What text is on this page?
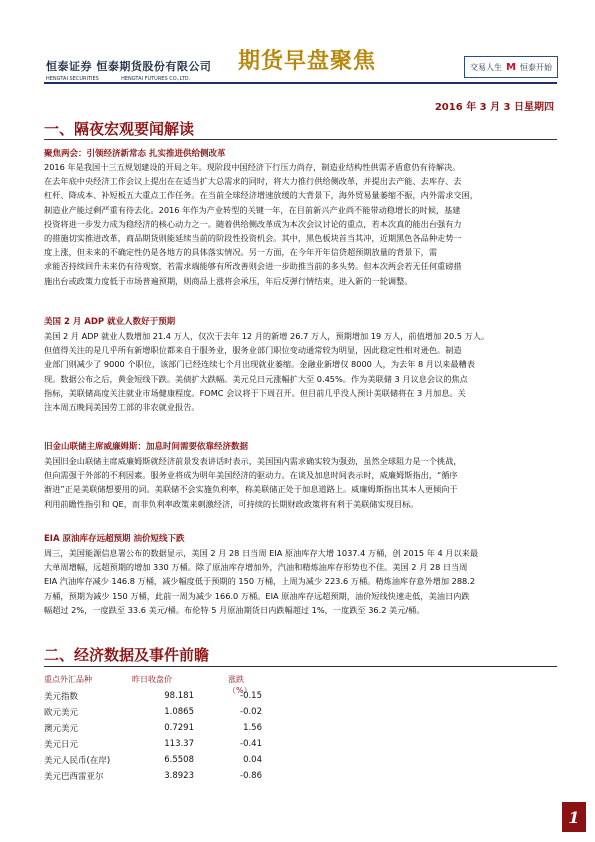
恒泰证券 恒泰期货股份有限公司
HENGTAI SECURITIES	HENGTAI FUTURES CO.,LTD.
期货早盘聚焦	交易人生 M 恒泰开始
2016 年 3 月 3 日星期四
一、隔夜宏观要闻解读
聚焦两会：引领经济新常态 扎实推进供给侧改革
2016 年是我国十三五规划建设的开局之年。现阶段中国经济下行压力尚存，制造业结构性供需矛盾愈仍有待解决。
在去年底中央经济工作会议上提出在在适当扩大总需求的同时，将大力推行供给侧改革，并提出去产能、去库存、去
杠杆、降成本、补短板五大重点工作任务。在当前全球经济增速放缓的大背景下，海外贸易量萎缩不振，内外需求交困，
制造业产能过剩严重有待去化。2016 年作为产业转型的关键一年，在目前新兴产业尚不能带动稳增长的时候，基建
投资将进一步发力成为稳经济的核心动力之一。随着供给侧改革成为本次会议讨论的重点，若本次真的能出台强有力
的措施切实推进改革，商品期货则能延续当前的阶段性投资机会。其中，黑色板块首当其冲，近期黑色各品种走势一
度上涨，但未来的不确定性仍是各地方的具体落实情况。另一方面，在今年开年信贷超预期放量的背景下，需
求能否持续回升未来仍有待观察，若需求端能够有所改善则会进一步助推当前的多头势。但本次两会若无任何重磅措
施出台或政策力度低于市场普遍预期，则商品上涨将会承压，年后反弹行情结束，进入新的一轮调整。
美国 2 月 ADP 就业人数好于预期
美国 2 月 ADP 就业人数增加 21.4 万人，仅次于去年 12 月的新增 26.7 万人，预期增加 19 万人，前值增加 20.5 万人。
但值得关注的是几乎所有新增职位都来自于服务业，服务业部门职位变动通常较为明显，因此稳定性相对逊色。制造
业部门则减少了 9000 个职位，该部门已经连续七个月出现就业萎缩。金融业新增仅 8000 人，为去年 8 月以来最糟表
现。数据公布之后，黄金短线下跌。美债扩大跌幅。美元兑日元涨幅扩大至 0.45%。作为美联储 3 月议息会议的焦点
指标，美联储高度关注就业市场健康程度。FOMC 会议将于下周召开。但目前几乎没人预计美联储将在 3 月加息。关
注本周五晚间美国劳工部的非农就业报告。
旧金山联储主席威廉姆斯：加息时间需要依靠经济数据
美国旧金山联储主席威廉姆斯就经济前景发表讲话时表示，美国国内需求确实较为强劲，虽然全球阻力是一个挑战，
但向需强于外部的不利因素。服务业将成为明年美国经济的驱动力。在谈及加息时间表示时，威廉姆斯指出，“循序
渐进”正是美联储想要用的词。美联储不会实施负利率，称美联储正处于加息道路上。威廉姆斯指出其本人更倾向于
利用前瞻性指引和 QE，而非负利率政策来刺激经济，可持续的长期财政政策将有利于美联储实现目标。
EIA 原油库存远超预期 油价短线下跌
周三，美国能源信息署公布的数据显示，美国 2 月 28 日当周 EIA 原油库存大增 1037.4 万桶，创 2015 年 4 月以来最
大单周增幅，远超预期的增加 330 万桶。除了原油库存增加外，汽油和精炼油库存形势也不佳。美国 2 月 28 日当周
EIA 汽油库存减少 146.8 万桶，减少幅度低于预期的 150 万桶，上周为减少 223.6 万桶。精炼油库存意外增加 288.2
万桶，预期为减少 150 万桶，此前一周为减少 166.0 万桶。EIA 原油库存远超预期，油价短线快速走低，美油日内跌
幅超过 2%，一度跌至 33.6 美元/桶。布伦特 5 月原油期货日内跌幅超过 1%，一度跌至 36.2 美元/桶。
二、经济数据及事件前瞻
重点外汇品种	昨日收盘价	涨跌（%）
美元指数	98.181	-0.15
欧元美元	1.0865	-0.02
澳元美元	0.7291	1.56
美元日元	113.37	-0.41
美元人民币(在岸)	6.5508	0.04
美元巴西雷亚尔	3.8923	-0.86
1
